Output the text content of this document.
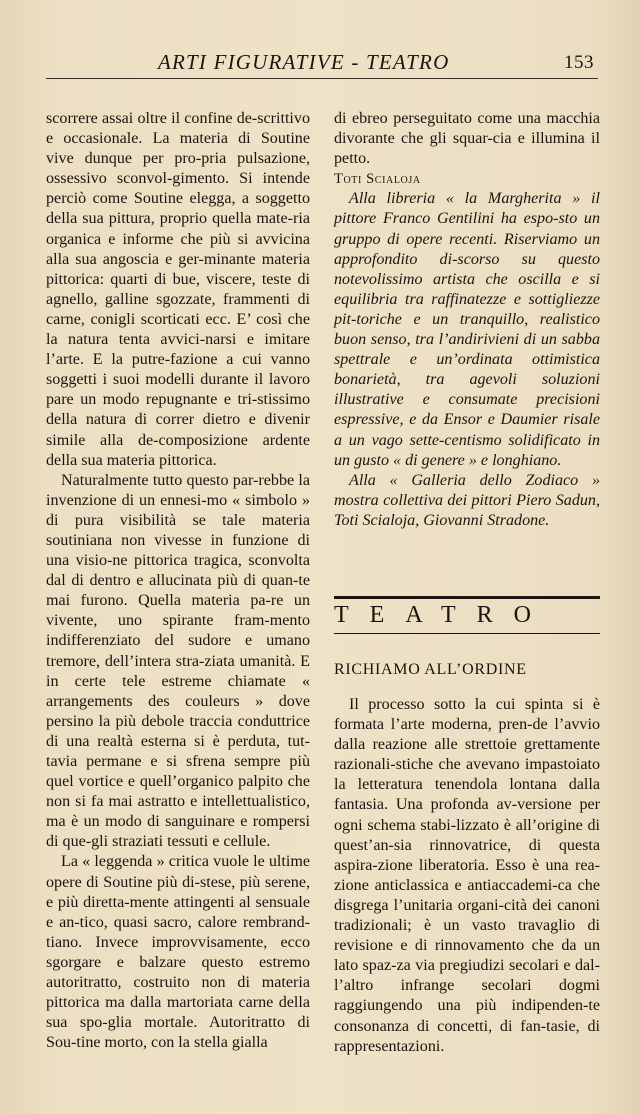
ARTI FIGURATIVE - TEATRO	153

scorrere assai oltre il confine de-scrittivo e occasionale. La materia di Soutine vive dunque per pro-pria pulsazione, ossessivo sconvol-gimento. Si intende perciò come Soutine elegga, a soggetto della sua pittura, proprio quella mate-ria organica e informe che più si avvicina alla sua angoscia e ger-minante materia pittorica: quarti di bue, viscere, teste di agnello, galline sgozzate, frammenti di carne, conigli scorticati ecc. E’ così che la natura tenta avvici-narsi e imitare l’arte. E la putre-fazione a cui vanno soggetti i suoi modelli durante il lavoro pare un modo repugnante e tri-stissimo della natura di correr dietro e divenir simile alla de-composizione ardente della sua materia pittorica.

Naturalmente tutto questo par-rebbe la invenzione di un ennesi-mo « simbolo » di pura visibilità se tale materia soutiniana non vivesse in funzione di una visio-ne pittorica tragica, sconvolta dal di dentro e allucinata più di quan-te mai furono. Quella materia pa-re un vivente, uno spirante fram-mento indifferenziato del sudore e umano tremore, dell’intera stra-ziata umanità. E in certe tele estreme chiamate « arrangements des couleurs » dove persino la più debole traccia conduttrice di una realtà esterna si è perduta, tut-tavia permane e si sfrena sempre più quel vortice e quell’organico palpito che non si fa mai astratto e intellettualistico, ma è un modo di sanguinare e rompersi di que-gli straziati tessuti e cellule.

La « leggenda » critica vuole le ultime opere di Soutine più di-stese, più serene, e più diretta-mente attingenti al sensuale e an-tico, quasi sacro, calore rembrand-tiano. Invece improvvisamente, ecco sgorgare e balzare questo estremo autoritratto, costruito non di materia pittorica ma dalla martoriata carne della sua spo-glia mortale. Autoritratto di Sou-tine morto, con la stella gialla

di ebreo perseguitato come una macchia divorante che gli squar-cia e illumina il petto.

Toti Scialoja

Alla libreria « la Margherita » il pittore Franco Gentilini ha espo-sto un gruppo di opere recenti. Riserviamo un approfondito di-scorso su questo notevolissimo artista che oscilla e si equilibria tra raffinatezze e sottigliezze pit-toriche e un tranquillo, realistico buon senso, tra l’andirivieni di un sabba spettrale e un’ordinata ottimistica bonarietà, tra agevoli soluzioni illustrative e consumate precisioni espressive, e da Ensor e Daumier risale a un vago sette-centismo solidificato in un gusto « di genere » e longhiano.

Alla « Galleria dello Zodiaco » mostra collettiva dei pittori Piero Sadun, Toti Scialoja, Giovanni Stradone.

TEATRO
RICHIAMO ALL’ORDINE

Il processo sotto la cui spinta si è formata l’arte moderna, pren-de l’avvio dalla reazione alle strettoie grettamente razionali-stiche che avevano impastoiato la letteratura tenendola lontana dalla fantasia. Una profonda av-versione per ogni schema stabi-lizzato è all’origine di quest’an-sia rinnovatrice, di questa aspira-zione liberatoria. Esso è una rea-zione anticlassica e antiaccademi-ca che disgrega l’unitaria organi-cità dei canoni tradizionali; è un vasto travaglio di revisione e di rinnovamento che da un lato spaz-za via pregiudizi secolari e dal-l’altro infrange secolari dogmi raggiungendo una più indipenden-te consonanza di concetti, di fan-tasie, di rappresentazioni.
